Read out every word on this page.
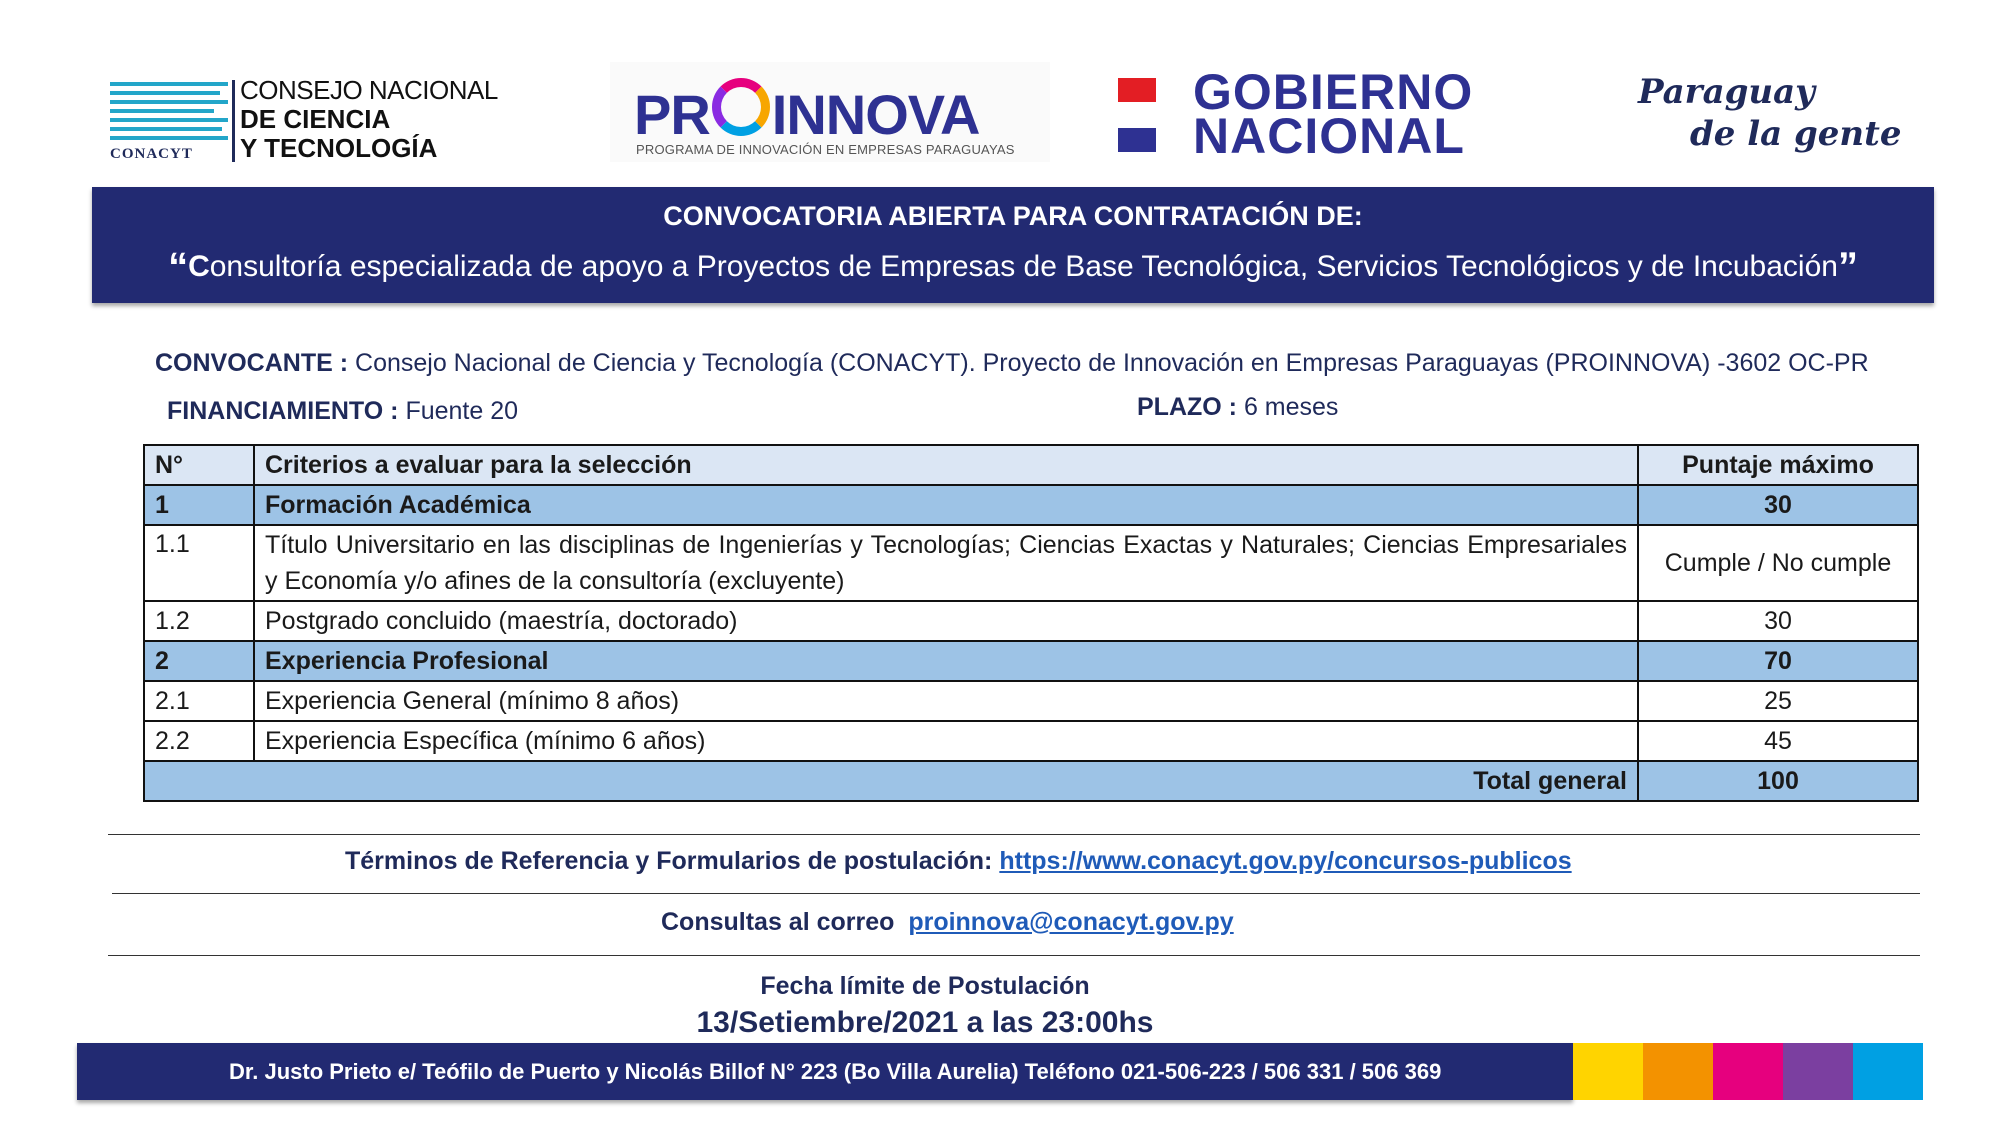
CONACYT
CONSEJO NACIONAL
DE CIENCIA
Y TECNOLOGÍA
PR INNOVA
PROGRAMA DE INNOVACIÓN EN EMPRESAS PARAGUAYAS
GOBIERNO
NACIONAL
Paraguay
de la gente
CONVOCATORIA ABIERTA PARA CONTRATACIÓN DE:
“Consultoría especializada de apoyo a Proyectos de Empresas de Base Tecnológica, Servicios Tecnológicos y de Incubación”
CONVOCANTE : Consejo Nacional de Ciencia y Tecnología (CONACYT). Proyecto de Innovación en Empresas Paraguayas (PROINNOVA) -3602 OC-PR
FINANCIAMIENTO : Fuente 20	PLAZO : 6 meses
N°	Criterios a evaluar para la selección	Puntaje máximo
1	Formación Académica	30
1.1	Título Universitario en las disciplinas de Ingenierías y Tecnologías; Ciencias Exactas y Naturales; Ciencias Empresariales y Economía y/o afines de la consultoría (excluyente)	Cumple / No cumple
1.2	Postgrado concluido (maestría, doctorado)	30
2	Experiencia Profesional	70
2.1	Experiencia General (mínimo 8 años)	25
2.2	Experiencia Específica (mínimo 6 años)	45
Total general		100
Términos de Referencia y Formularios de postulación: https://www.conacyt.gov.py/concursos-publicos
Consultas al correo proinnova@conacyt.gov.py
Fecha límite de Postulación
13/Setiembre/2021 a las 23:00hs
Dr. Justo Prieto e/ Teófilo de Puerto y Nicolás Billof N° 223 (Bo Villa Aurelia) Teléfono 021-506-223 / 506 331 / 506 369
